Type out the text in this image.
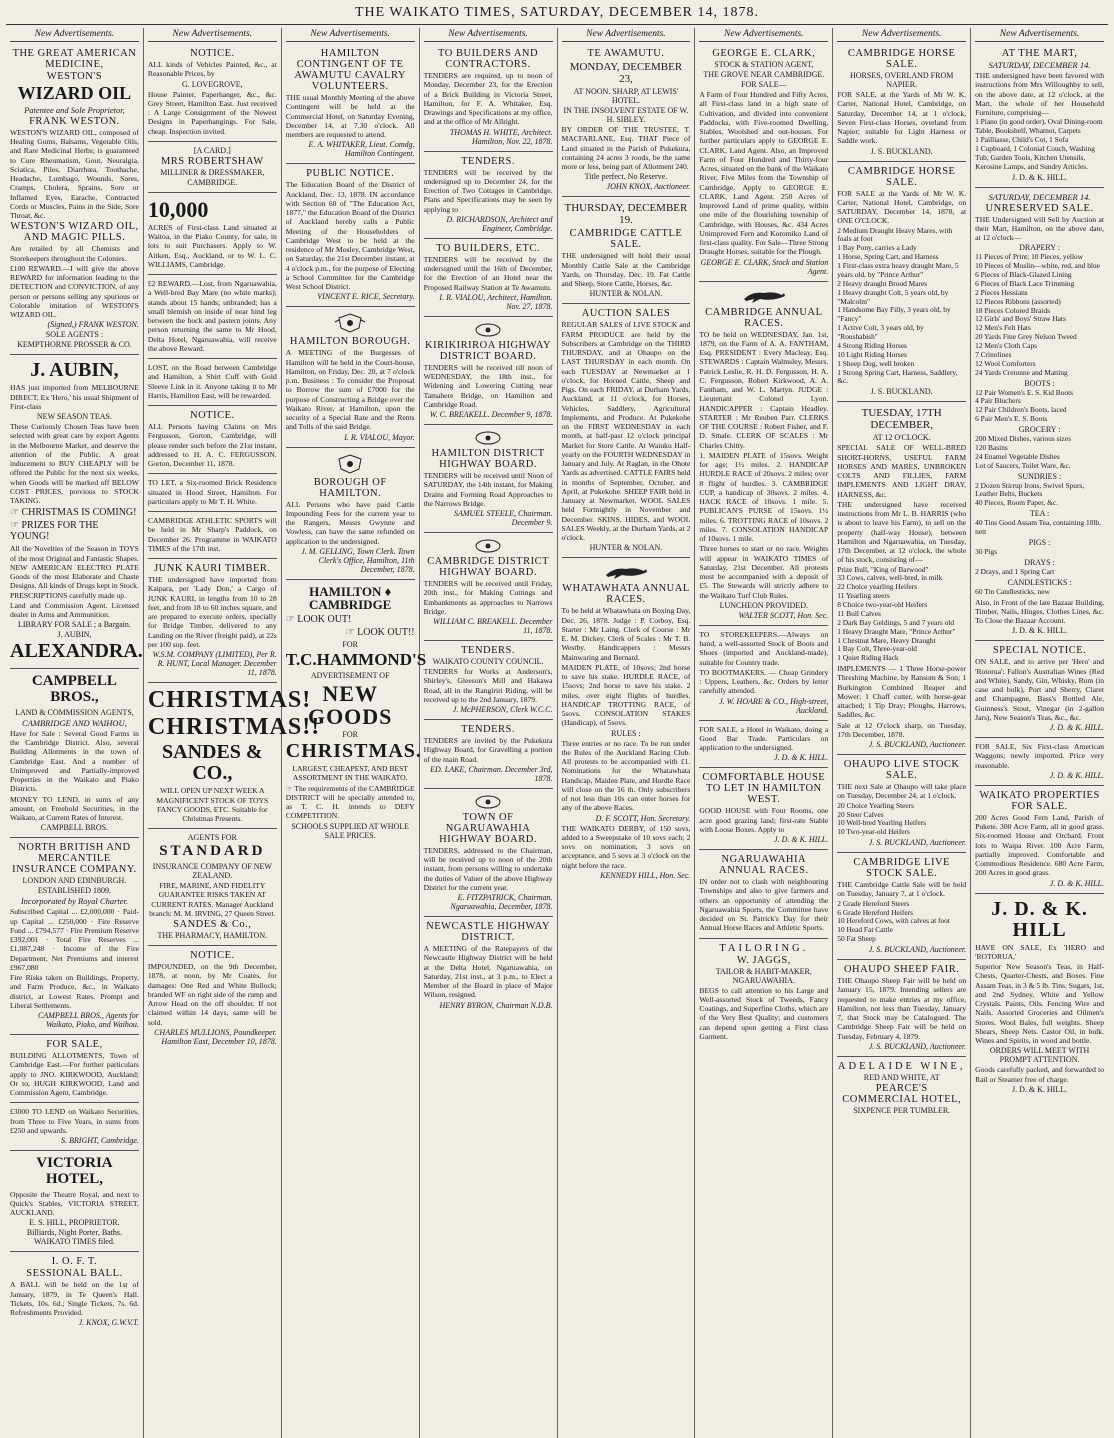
THE WAIKATO TIMES, SATURDAY, DECEMBER 14, 1878.
New Advertisements.
THE GREAT AMERICAN MEDICINE,
WESTON'S
WIZARD OIL
Patentee and Sole Proprietor,
FRANK WESTON.
WESTON'S WIZARD OIL, composed of Healing Gums, Balsams, Vegetable Oils, and Rare Medicinal Herbs; is guaranteed to Cure Rheumatism, Gout, Neuralgia, Sciatica, Piles, Diarrhœa, Toothache, Headache, Lumbago, Wounds, Sores, Cramps, Cholera, Sprains, Sore or Inflamed Eyes, Earache, Contracted Cords or Muscles, Pains in the Side, Sore Throat, &c.
WESTON'S WIZARD OIL, AND MAGIC PILLS.
Are retailed by all Chemists and Storekeepers throughout the Colonies.
£100 REWARD.—I will give the above REWARD for information leading to the DETECTION and CONVICTION, of any person or persons selling any spurious or Colorable imitation of WESTON'S WIZARD OIL.
(Signed,) FRANK WESTON.
SOLE AGENTS :
KEMPTHORNE PROSSER & CO.
J. AUBIN,
HAS just imported from MELBOURNE DIRECT, Ex 'Hero,' his usual Shipment of First-class
NEW SEASON TEAS.
These Curiously Chosen Teas have been selected with great care by expert Agents in the Melbourne Market, and deserve the attention of the Public. A great inducement to BUY CHEAPLY will be offered the Public for the next six weeks, when Goods will be marked off BELOW COST PRICES, previous to STOCK TAKING.
☞ CHRISTMAS IS COMING!
☞ PRIZES FOR THE YOUNG!
All the Novelties of the Season in TOYS of the most Original and Fantastic Shapes. NEW AMERICAN ELECTRO PLATE Goods of the most Elaborate and Chaste Designs. All kinds of Drugs kept in Stock. PRESCRIPTIONS carefully made up.
Land and Commission Agent. Licensed dealer in Arms and Ammunition.
LIBRARY FOR SALE ; a Bargain.
J. AUBIN,
ALEXANDRA.
CAMPBELL BROS.,
LAND & COMMISSION AGENTS,
CAMBRIDGE AND WAIHOU,
Have for Sale : Several Good Farms in the Cambridge District. Also, several Building Allotments in the town of Cambridge East. And a number of Unimproved and Partially-improved Properties in the Waikato and Piako Districts.
MONEY TO LEND, in sums of any amount, on Freehold Securities, in the Waikato, at Current Rates of Interest.
CAMPBELL BROS.
NORTH BRITISH AND MERCANTILE INSURANCE COMPANY.
LONDON AND EDINBURGH.
ESTABLISHED 1809.
Incorporated by Royal Charter.
Subscribed Capital ... £2,000,000 · Paid-up Capital ... £250,000 · Fire Reserve Fund ... £794,577 · Fire Premium Reserve £392,001 · Total Fire Reserves ... £1,087,248 · Income of the Fire Department, Net Premiums and interest £967,080
Fire Risks taken on Buildings, Property, and Farm Produce, &c., in Waikato district, at Lowest Rates. Prompt and Liberal Settlements.
CAMPBELL BROS., Agents for Waikato, Piako, and Waihou.
FOR SALE,
BUILDING ALLOTMENTS, Town of Cambridge East.—For further particulars apply to JNO. KIRKWOOD, Auckland; Or to, HUGH KIRKWOOD, Land and Commission Agent, Cambridge.
£3000 TO LEND on Waikato Securities, from Three to Five Years, in sums from £250 and upwards.
S. BRIGHT, Cambridge.
VICTORIA HOTEL,
Opposite the Theatre Royal, and next to Quick's Stables, VICTORIA STREET, AUCKLAND.
E. S. HILL, PROPRIETOR.
Billiards, Night Porter, Baths. WAIKATO TIMES filed.
I. O. F. T.
SESSIONAL BALL.
A BALL will be held on the 1st of January, 1879, in Te Queen's Hall. Tickets, 10s. 6d.; Single Tickets, 7s. 6d. Refreshments Provided.
J. KNOX, G.W.V.T.
New Advertisements.
NOTICE.
ALL kinds of Vehicles Painted, &c., at Reasonable Prices, by
G. LOVEGROVE,
House Painter, Paperhanger, &c., &c. Grey Street, Hamilton East. Just received : A Large Consignment of the Newest Designs in Paperhangings. For Sale, cheap. Inspection invited.
[A CARD.]
MRS ROBERTSHAW
MILLINER & DRESSMAKER,
CAMBRIDGE.
10,000
ACRES of First-class Land situated at Waitoa, in the Piako County, for sale, in lots to suit Purchasers. Apply to W. Aitken, Esq., Auckland, or to W. L. C. WILLIAMS, Cambridge.
£2 REWARD.—Lost, from Ngaruawahia, a Well-bred Bay Mare (no white marks); stands about 15 hands; unbranded; has a small blemish on inside of near hind leg between the hock and pastern joints. Any person returning the same to Mr Hood, Delta Hotel, Ngaruawahia, will receive the above Reward.
LOST, on the Road between Cambridge and Hamilton, a Shirt Cuff with Gold Sleeve Link in it. Anyone taking it to Mr Harris, Hamilton East, will be rewarded.
NOTICE.
ALL Persons having Claims on Mrs Fergusson, Gorton, Cambridge, will please render such before the 21st instant, addressed to H. A. C. FERGUSSON. Gorton, December 11, 1878.
TO LET, a Six-roomed Brick Residence situated in Hood Street, Hamilton. For particulars apply to Mr T. H. White.
CAMBRIDGE ATHLETIC SPORTS will be held in Mr Sharp's Paddock, on December 26. Programme in WAIKATO TIMES of the 17th inst.
JUNK KAURI TIMBER.
THE undersigned have imported from Kaipara, per 'Lady Don,' a Cargo of JUNK KAURI, in lengths from 10 to 28 feet, and from 18 to 60 inches square, and are prepared to execute orders, specially for Bridge Timber, delivered to any Landing on the River (freight paid), at 22s per 100 sup. feet.
W.S.M. COMPANY (LIMITED), Per R. R. HUNT, Local Manager. December 11, 1878.
CHRISTMAS!
CHRISTMAS!!
SANDES & CO.,
WILL OPEN UP NEXT WEEK A MAGNIFICENT STOCK OF TOYS FANCY GOODS, ETC. Suitable for Christmas Presents.
AGENTS FOR
STANDARD
INSURANCE COMPANY OF NEW ZEALAND.
FIRE, MARINE, AND FIDELITY GUARANTEE RISKS TAKEN AT CURRENT RATES. Manager Auckland branch: M. M. IRVING, 27 Queen Street.
SANDES & Co.,
THE PHARMACY, HAMILTON.
NOTICE.
IMPOUNDED, on the 9th December, 1878, at noon, by Mr Coates, for damages: One Red and White Bullock; branded WF on right side of the rump and Arrow Head on the off shoulder. If not claimed within 14 days, same will be sold.
CHARLES MULLIONS, Poundkeeper. Hamilton East, December 10, 1878.
New Advertisements.
HAMILTON CONTINGENT OF TE AWAMUTU CAVALRY VOLUNTEERS.
THE usual Monthly Meeting of the above Contingent will be held at the Commercial Hotel, on Saturday Evening, December 14, at 7.30 o'clock. All members are requested to attend.
E. A. WHITAKER, Lieut. Comdg. Hamilton Contingent.
PUBLIC NOTICE.
The Education Board of the District of Auckland, Dec. 13, 1878. IN accordance with Section 60 of "The Education Act, 1877," the Education Board of the District of Auckland hereby calls a Public Meeting of the Householders of Cambridge West to be held at the residence of Mr Mosley, Cambridge West, on Saturday, the 21st December instant, at 4 o'clock p.m., for the purpose of Electing a School Committee for the Cambridge West School District.
VINCENT E. RICE, Secretary.
HAMILTON BOROUGH.
A MEETING of the Burgesses of Hamilton will be held in the Court-house, Hamilton, on Friday, Dec. 20, at 7 o'clock p.m. Business : To consider the Proposal to Borrow the sum of £7000 for the purpose of Constructing a Bridge over the Waikato River, at Hamilton, upon the security of a Special Rate and the Rents and Tolls of the said Bridge.
I. R. VIALOU, Mayor.
BOROUGH OF HAMILTON.
ALL Persons who have paid Cattle Impounding Fees for the current year to the Rangers, Messrs Gwynne and Vowless, can have the same refunded on application to the undersigned.
J. M. GELLING, Town Clerk. Town Clerk's Office, Hamilton, 11th December, 1878.
HAMILTON ♦ CAMBRIDGE
☞ LOOK OUT!
☞ LOOK OUT!!
FOR
T.C.HAMMOND'S
ADVERTISEMENT OF
NEW GOODS
FOR
CHRISTMAS.
LARGEST, CHEAPEST, AND BEST ASSORTMENT IN THE WAIKATO.
☞ The requirements of the CAMBRIDGE DISTRICT will be specially attended to, as T. C. H. intends to DEFY COMPETITION.
SCHOOLS SUPPLIED AT WHOLE SALE PRICES.
New Advertisements.
TO BUILDERS AND CONTRACTORS.
TENDERS are required, up to noon of Monday, December 23, for the Erection of a Brick Building in Victoria Street, Hamilton, for F. A. Whitaker, Esq. Drawings and Specifications at my office, and at the office of Mr Allright.
THOMAS H. WHITE, Architect. Hamilton, Nov. 22, 1878.
TENDERS.
TENDERS will be received by the undersigned up to December 24, for the Erection of Two Cottages in Cambridge. Plans and Specifications may be seen by applying to
D. RICHARDSON, Architect and Engineer, Cambridge.
TO BUILDERS, ETC.
TENDERS will be received by the undersigned until the 16th of December, for the Erection of an Hotel near the Proposed Railway Station at Te Awamutu.
I. R. VIALOU, Architect, Hamilton. Nov. 27, 1878.
KIRIKIRIROA HIGHWAY DISTRICT BOARD.
TENDERS will be received till noon of WEDNESDAY, the 18th inst., for Widening and Lowering Cutting near Tamahere Bridge, on Hamilton and Cambridge Road.
W. C. BREAKELL. December 9, 1878.
HAMILTON DISTRICT HIGHWAY BOARD.
TENDERS will be received until Noon of SATURDAY, the 14th instant, for Making Drains and Forming Road Approaches to the Narrows Bridge.
SAMUEL STEELE, Chairman. December 9.
CAMBRIDGE DISTRICT HIGHWAY BOARD.
TENDERS will be received until Friday, 20th inst., for Making Cuttings and Embankments as approaches to Narrows Bridge.
WILLIAM C. BREAKELL. December 11, 1878.
TENDERS.
WAIKATO COUNTY COUNCIL.
TENDERS for Works at Anderson's, Shirley's, Gleeson's Mill and Hakawa Road, all in the Rangiriri Riding, will be received up to the 2nd January, 1879.
J. McPHERSON, Clerk W.C.C.
TENDERS.
TENDERS are invited by the Pukekura Highway Board, for Gravelling a portion of the main Road.
ED. LAKE, Chairman. December 3rd, 1878.
TOWN OF NGARUAWAHIA HIGHWAY BOARD.
TENDERS, addressed to the Chairman, will be received up to noon of the 20th instant, from persons willing to undertake the duties of Valuer of the above Highway District for the current year.
E. FITZPATRICK, Chairman. Ngaruawahia, December, 1878.
NEWCASTLE HIGHWAY DISTRICT.
A MEETING of the Ratepayers of the Newcastle Highway District will be held at the Delta Hotel, Ngaruawahia, on Saturday, 21st inst., at 3 p.m., to Elect a Member of the Board in place of Major Wilson, resigned.
HENRY BYRON, Chairman N.D.B.
New Advertisements.
TE AWAMUTU.
MONDAY, DECEMBER 23,
AT NOON. SHARP, AT LEWIS' HOTEL.
IN THE INSOLVENT ESTATE OF W. H. SIBLEY.
BY ORDER OF THE TRUSTEE, T. MACFARLANE, Esq. THAT Piece of Land situated in the Parish of Pukekura, containing 24 acres 3 roods, be the same more or less, being part of Allotment 240.
Title perfect. No Reserve.
JOHN KNOX, Auctioneer.
THURSDAY, DECEMBER 19.
CAMBRIDGE CATTLE SALE.
THE undersigned will hold their usual Monthly Cattle Sale at the Cambridge Yards, on Thursday, Dec. 19. Fat Cattle and Sheep, Store Cattle, Horses, &c.
HUNTER & NOLAN.
AUCTION SALES
REGULAR SALES of LIVE STOCK and FARM PRODUCE are held by the Subscribers at Cambridge on the THIRD THURSDAY, and at Ohaupo on the LAST THURSDAY in each month. On each TUESDAY at Newmarket at 1 o'clock, for Horned Cattle, Sheep and Pigs. On each FRIDAY, at Durham Yards, Auckland, at 11 o'clock, for Horses, Vehicles, Saddlery, Agricultural Implements, and Produce. At Pukekohe on the FIRST WEDNESDAY in each month, at half-past 12 o'clock principal Market for Store Cattle. At Waiuku Half-yearly on the FOURTH WEDNESDAY in January and July. At Raglan, in the Ohote Yards as advertised. CATTLE FAIRS held in months of September, October, and April, at Pukekohe. SHEEP FAIR held in January at Newmarket. WOOL SALES held Fortnightly in November and December. SKINS, HIDES, and WOOL SALES Weekly, at the Durham Yards, at 2 o'clock.
HUNTER & NOLAN.
WHATAWHATA ANNUAL RACES.
To be held at Whatawhata on Boxing Day, Dec. 26, 1878. Judge : P. Corboy, Esq. Starter : Mr Laing. Clerk of Course : Mr E. M. Dickey. Clerk of Scales : Mr T. B. Westby. Handicappers : Messrs Mainwaring and Bernard.
MAIDEN PLATE, of 10sovs; 2nd horse to save his stake. HURDLE RACE, of 15sovs; 2nd horse to save his stake. 2 miles, over eight flights of hurdles. HANDICAP TROTTING RACE, of 5sovs. CONSOLATION STAKES (Handicap), of 5sovs.
RULES :
Three entries or no race. To be run under the Rules of the Auckland Racing Club. All protests to be accompanied with £1. Nominations for the Whatawhata Handicap, Maiden Plate, and Hurdle Race will close on the 16 th. Only subscribers of not less than 10s can enter horses for any of the above Races.
D. F. SCOTT, Hon. Secretary.
THE WAIKATO DERBY, of 150 sovs, added to a Sweepstake of 10 sovs each; 2 sovs on nomination, 3 sovs on acceptance, and 5 sovs at 3 o'clock on the night before the race.
KENNEDY HILL, Hon. Sec.
New Advertisements.
GEORGE E. CLARK,
STOCK & STATION AGENT,
THE GROVE NEAR CAMBRIDGE.
FOR SALE—
A Farm of Four Hundred and Fifty Acres, all First-class land in a high state of Cultivation, and divided into convenient Paddocks, with Five-roomed Dwelling, Stables, Woolshed and out-houses. For further particulars apply to GEORGE E. CLARK, Land Agent. Also, an Improved Farm of Four Hundred and Thirty-four Acres, situated on the bank of the Waikato River, Five Miles from the Township of Cambridge. Apply to GEORGE E. CLARK, Land Agent. 250 Acres of Improved Land of prime quality, within one mile of the flourishing township of Cambridge, with Houses, &c. 434 Acres Unimproved Fern and Koromiko Land of first-class quality. For Sale—Three Strong Draught Horses, suitable for the Plough.
GEORGE E. CLARK, Stock and Station Agent.
CAMBRIDGE ANNUAL RACES.
TO be held on WEDNESDAY, Jan. 1st, 1879, on the Farm of A. A. FANTHAM, Esq. PRESIDENT : Every Macleay, Esq. STEWARDS : Captain Walmsley, Messrs. Patrick Leslie, R. H. D. Fergusson, H. A. C. Fergusson, Robert Kirkwood, A. A. Fantham, and W. L. Martyn. JUDGE : Lieutenant Colonel Lyon. HANDICAPPER : Captain Headley. STARTER : Mr Reuben Parr. CLERKS OF THE COURSE : Robert Fisher, and F. D. Smale. CLERK OF SCALES : Mr Charles Chitty.
1. MAIDEN PLATE of 15sovs. Weight for age; 1½ miles. 2. HANDICAP HURDLE RACE of 20sovs. 2 miles; over 8 flight of hurdles. 3. CAMBRIDGE CUP, a handicap of 30sovs. 2 miles. 4. HACK RACE of 10sovs. 1 mile. 5. PUBLICAN'S PURSE of 15sovs. 1½ miles. 6. TROTTING RACE of 10sovs. 2 miles. 7. CONSOLATION HANDICAP of 10sovs. 1 mile.
Three horses to start or no race. Weights will appear in WAIKATO TIMES of Saturday, 21st December. All protests must be accompanied with a deposit of £5. The Stewards will strictly adhere to the Waikato Turf Club Rules.
LUNCHEON PROVIDED.
WALTER SCOTT, Hon. Sec.
TO STOREKEEPERS.—Always on hand, a well-assorted Stock of Boots and Shoes (imported and Auckland-made), suitable for Country trade.
TO BOOTMAKERS. — Cheap Grindery : Uppers, Leathers, &c. Orders by letter carefully attended.
J. W. HOARE & CO., High-street, Auckland.
FOR SALE, a Hotel in Waikato, doing a Good Bar Trade. Particulars on application to the undersigned.
J. D. & K. HILL.
COMFORTABLE HOUSE TO LET IN HAMILTON WEST.
GOOD HOUSE with Four Rooms, one acre good grazing land; first-rate Stable with Loose Boxes. Apply to
J. D. & K. HILL.
NGARUAWAHIA ANNUAL RACES.
IN order not to clash with neighbouring Townships and also to give farmers and others an opportunity of attending the Ngaruawahia Sports, the Committee have decided on St. Patrick's Day for their Annual Horse Races and Athletic Sports.
TAILORING.
W. JAGGS,
TAILOR & HABIT-MAKER, NGARUAWAHIA.
BEGS to call attention to his Large and Well-assorted Stock of Tweeds, Fancy Coatings, and Superfine Cloths, which are of the Very Best Quality; and customers can depend upon getting a First class Garment.
New Advertisements.
CAMBRIDGE HORSE SALE.
HORSES, OVERLAND FROM NAPIER.
FOR SALE, at the Yards of Mr W. K. Carter, National Hotel, Cambridge, on Saturday, December 14, at 1 o'clock, Seven First-class Horses, overland from Napier; suitable for Light Harness or Saddle work.
J. S. BUCKLAND.
CAMBRIDGE HORSE SALE.
FOR SALE at the Yards of Mr W. K. Carter, National Hotel, Cambridge, on SATURDAY, December 14, 1878, at ONE O'CLOCK.
2 Medium Draught Heavy Mares, with foals at foot
1 Bay Pony, carries a Lady
1 Horse, Spring Cart, and Harness
1 First-class extra heavy draught Mare, 5 years old, by "Prince Arthur"
2 Heavy draught Brood Mares
1 Heavy draught Colt, 5 years old, by "Malcolm"
1 Handsome Bay Filly, 3 years old, by "Fancy"
1 Active Colt, 3 years old, by "Roushabish"
4 Strong Riding Horses
10 Light Riding Horses
1 Sheep Dog, well broken
1 Strong Spring Cart, Harness, Saddlery, &c.
J. S. BUCKLAND.
TUESDAY, 17TH DECEMBER,
AT 12 O'CLOCK.
SPECIAL SALE OF WELL-BRED SHORT-HORNS, USEFUL FARM HORSES AND MARES, UNBROKEN COLTS AND FILLIES, FARM IMPLEMENTS AND LIGHT DRAY, HARNESS, &c.
THE undersigned have received instructions from Mr L. B. HARRIS (who is about to leave his Farm), to sell on the property (half-way House), between Hamilton and Ngaruawahia, on Tuesday, 17th December, at 12 o'clock, the whole of his stock, consisting of—
Prize Bull, "King of Barwood"
33 Cows, calves, well-bred, in milk
22 Choice yearling Heifers
11 Yearling steers
8 Choice two-year-old Heifers
11 Bull Calves
2 Dark Bay Geldings, 5 and 7 years old
1 Heavy Draught Mare, "Prince Arthur"
1 Chestnut Mare, Heavy Draught
1 Bay Colt, Three-year-old
1 Quiet Riding Hack
IMPLEMENTS — 1 Three Horse-power Threshing Machine, by Ransom & Son; 1 Burkington Combined Reaper and Mower; 1 Chaff cutter, with horse-gear attached; 1 Tip Dray; Ploughs, Harrows, Saddles, &c.
Sale at 12 O'clock sharp, on Tuesday, 17th December, 1878.
J. S. BUCKLAND, Auctioneer.
OHAUPO LIVE STOCK SALE.
THE next Sale at Ohaupo will take place on Tuesday, December 24, at 1 o'clock.
20 Choice Yearling Steers
20 Steer Calves
10 Well-bred Yearling Heifers
10 Two-year-old Heifers
J. S. BUCKLAND, Auctioneer.
CAMBRIDGE LIVE STOCK SALE.
THE Cambridge Cattle Sale will be held on Tuesday, January 7, at 1 o'clock.
2 Grade Hereford Steers
6 Grade Hereford Heifers
10 Hereford Cows, with calves at foot
10 Head Fat Cattle
50 Fat Sheep
J. S. BUCKLAND, Auctioneer.
OHAUPO SHEEP FAIR.
THE Ohaupo Sheep Fair will be held on January 15, 1879. Intending sellers are requested to make entries at my office, Hamilton, not less than Tuesday, January 7, that Stock may be Catalogued. The Cambridge Sheep Fair will be held on Tuesday, February 4, 1879.
J. S. BUCKLAND, Auctioneer.
ADELAIDE WINE,
RED AND WHITE, AT
PEARCE'S COMMERCIAL HOTEL,
SIXPENCE PER TUMBLER.
New Advertisements.
AT THE MART,
SATURDAY, DECEMBER 14.
THE undersigned have been favored with instructions from Mrs Willoughby to sell, on the above date, at 12 o'clock, at the Mart, the whole of her Household Furniture, comprising—
1 Piano (in good order), Oval Dining-room Table, Bookshelf, Whatnot, Carpets
1 Pailliasse, Child's Cot, 1 Sofa
1 Cupboard, 1 Colonial Couch, Washing Tub, Garden Tools, Kitchen Utensils, Kerosine Lamps, and Sundry Articles.
J. D. & K. HILL.
SATURDAY, DECEMBER 14.
UNRESERVED SALE.
THE Undersigned will Sell by Auction at their Mart, Hamilton, on the above date, at 12 o'clock—
DRAPERY :
11 Pieces of Print; 10 Pieces, yellow
10 Pieces of Muslin—white, red, and blue
6 Pieces of Black-Glazed Lining
6 Pieces of Black Lace Trimming
2 Pieces Hessians
12 Pieces Ribbons (assorted)
18 Pieces Colored Braids
12 Girls' and Boys' Straw Hats
12 Men's Felt Hats
20 Yards Fine Grey Nelson Tweed
12 Men's Cloth Caps
7 Crinolines
12 Wool Comforters
24 Yards Cretonne and Matting
BOOTS :
12 Pair Women's E. S. Kid Boots
4 Pair Bluchers
12 Pair Children's Boots, laced
6 Pair Men's E. S. Boots
GROCERY :
200 Mixed Dishes, various sizes
120 Basins
24 Enamel Vegetable Dishes
Lot of Saucers, Toilet Ware, &c.
SUNDRIES :
2 Dozen Stirrup Irons, Swivel Spurs, Leather Belts, Buckets
40 Pieces, Room Paper, &c.
TEA :
40 Tins Good Assam Tea, containing 10lb. nett
PIGS :
30 Pigs
DRAYS :
2 Drays, and 1 Spring Cart
CANDLESTICKS :
60 Tin Candlesticks, new
Also, in Front of the late Bazaar Building, Timber, Nails, Hinges, Clothes Lines, &c. To Close the Bazaar Account.
J. D. & K. HILL.
SPECIAL NOTICE.
ON SALE, and to arrive per 'Hero' and 'Rotorua': Fallon's Australian Wines (Red and White), Sandy, Gin, Whisky, Rum (in case and bulk), Port and Sherry, Claret and Champagne, Bass's Bottled Ale, Guinness's Stout, Vinegar (in 2-gallon Jars), New Season's Teas, &c., &c.
J. D. & K. HILL.
FOR SALE, Six First-class American Waggons; newly imported. Price very reasonable.
J. D. & K. HILL.
WAIKATO PROPERTIES FOR SALE.
200 Acres Good Fern Land, Parish of Pukete. 300 Acre Farm, all in good grass. Six-roomed House and Orchard. Front lots to Waipa River. 100 Acre Farm, partially improved. Comfortable and Commodious Residence. 680 Acre Farm, 200 Acres in good grass.
J. D. & K. HILL.
J. D. & K. HILL
HAVE ON SALE, Ex 'HERO and 'ROTORUA,'
Superior New Season's Teas, in Half-Chests, Quarter-Chests, and Boxes. Fine Assam Teas, in 3 & 5 lb. Tins. Sugars, 1st, and 2nd Sydney, White and Yellow Crystals. Paints, Oils. Fencing Wire and Nails. Assorted Groceries and Oilmen's Stores. Wool Bales, full weights. Sheep Shears, Sheep Nets. Castor Oil, in bulk. Wines and Spirits, in wood and bottle.
ORDERS WILL MEET WITH PROMPT ATTENTION.
Goods carefully packed, and forwarded to Rail or Steamer free of charge.
J. D. & K. HILL.
